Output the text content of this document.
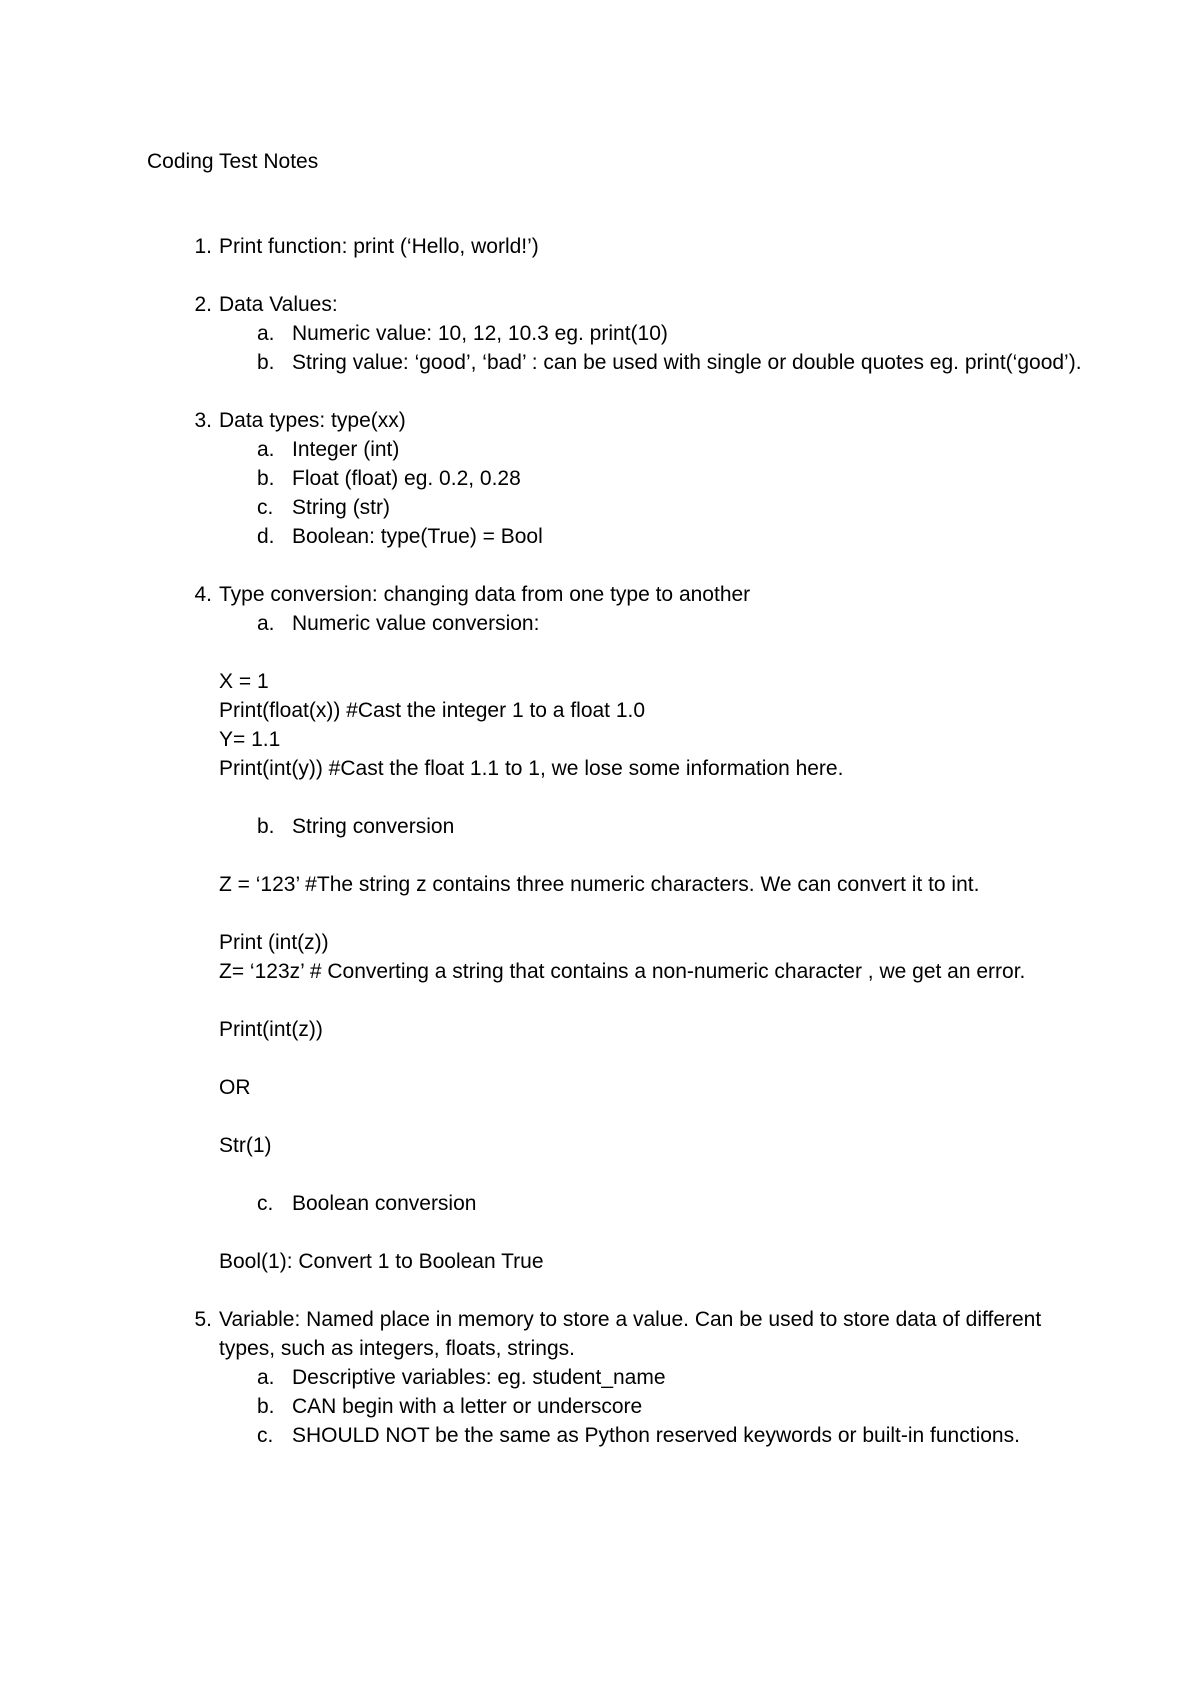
Coding Test Notes
1. Print function: print (‘Hello, world!’)
2. Data Values:
a. Numeric value: 10, 12, 10.3 eg. print(10)
b. String value: ‘good’, ‘bad’ : can be used with single or double quotes eg. print(‘good’).
3. Data types: type(xx)
a. Integer (int)
b. Float (float) eg. 0.2, 0.28
c. String (str)
d. Boolean: type(True) = Bool
4. Type conversion: changing data from one type to another
a. Numeric value conversion:
X = 1
Print(float(x)) #Cast the integer 1 to a float 1.0
Y= 1.1
Print(int(y)) #Cast the float 1.1 to 1, we lose some information here.
b. String conversion
Z = ‘123’ #The string z contains three numeric characters. We can convert it to int.
Print (int(z))
Z= ‘123z’ # Converting a string that contains a non-numeric character , we get an error.
Print(int(z))
OR
Str(1)
c. Boolean conversion
Bool(1): Convert 1 to Boolean True
5. Variable: Named place in memory to store a value. Can be used to store data of different types, such as integers, floats, strings.
a. Descriptive variables: eg. student_name
b. CAN begin with a letter or underscore
c. SHOULD NOT be the same as Python reserved keywords or built-in functions.
